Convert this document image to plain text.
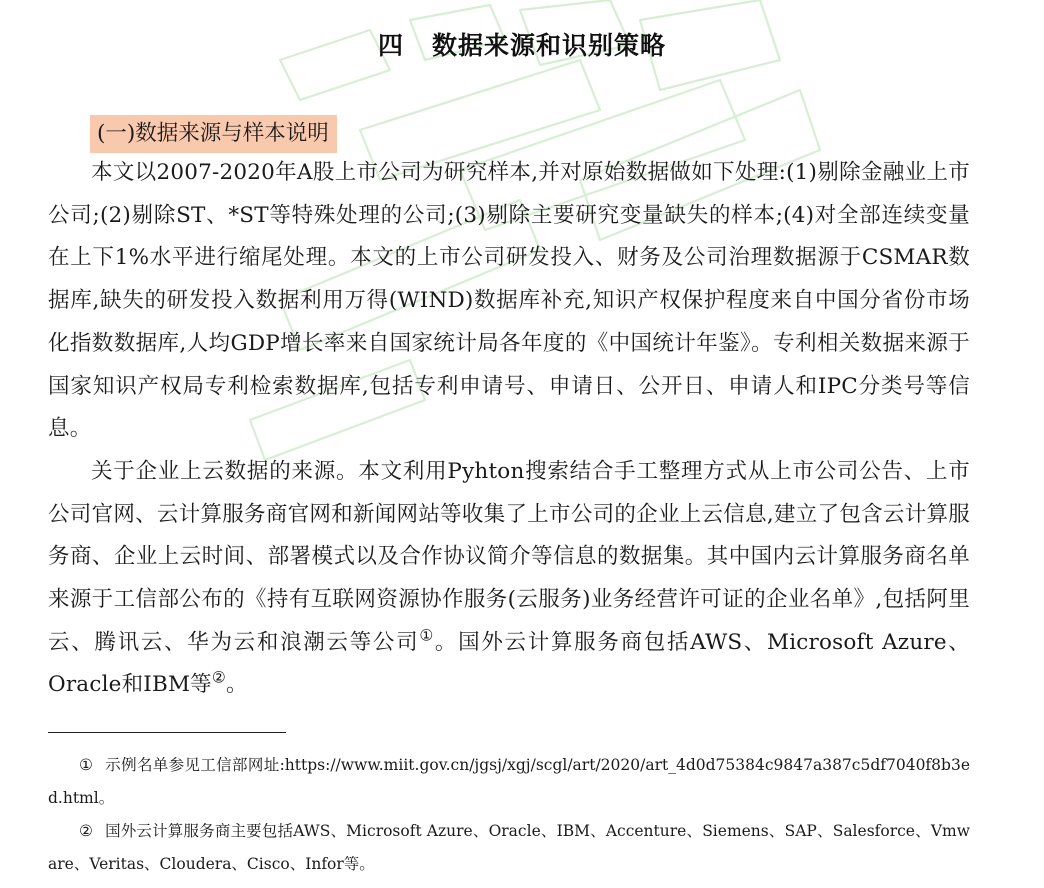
四 数据来源和识别策略
(一)数据来源与样本说明

本文以2007-2020年A股上市公司为研究样本,并对原始数据做如下处理:(1)剔除金融业上市公司;(2)剔除ST、*ST等特殊处理的公司;(3)剔除主要研究变量缺失的样本;(4)对全部连续变量在上下1%水平进行缩尾处理。本文的上市公司研发投入、财务及公司治理数据源于CSMAR数据库,缺失的研发投入数据利用万得(WIND)数据库补充,知识产权保护程度来自中国分省份市场化指数数据库,人均GDP增长率来自国家统计局各年度的《中国统计年鉴》。专利相关数据来源于国家知识产权局专利检索数据库,包括专利申请号、申请日、公开日、申请人和IPC分类号等信息。

关于企业上云数据的来源。本文利用Pyhton搜索结合手工整理方式从上市公司公告、上市公司官网、云计算服务商官网和新闻网站等收集了上市公司的企业上云信息,建立了包含云计算服务商、企业上云时间、部署模式以及合作协议简介等信息的数据集。其中国内云计算服务商名单来源于工信部公布的《持有互联网资源协作服务(云服务)业务经营许可证的企业名单》,包括阿里云、腾讯云、华为云和浪潮云等公司①。国外云计算服务商包括AWS、Microsoft Azure、Oracle和IBM等②。

① 示例名单参见工信部网址:https://www.miit.gov.cn/jgsj/xgj/scgl/art/2020/art_4d0d75384c9847a387c5df7040f8b3ed.html。

② 国外云计算服务商主要包括AWS、Microsoft Azure、Oracle、IBM、Accenture、Siemens、SAP、Salesforce、Vmware、Veritas、Cloudera、Cisco、Infor等。
